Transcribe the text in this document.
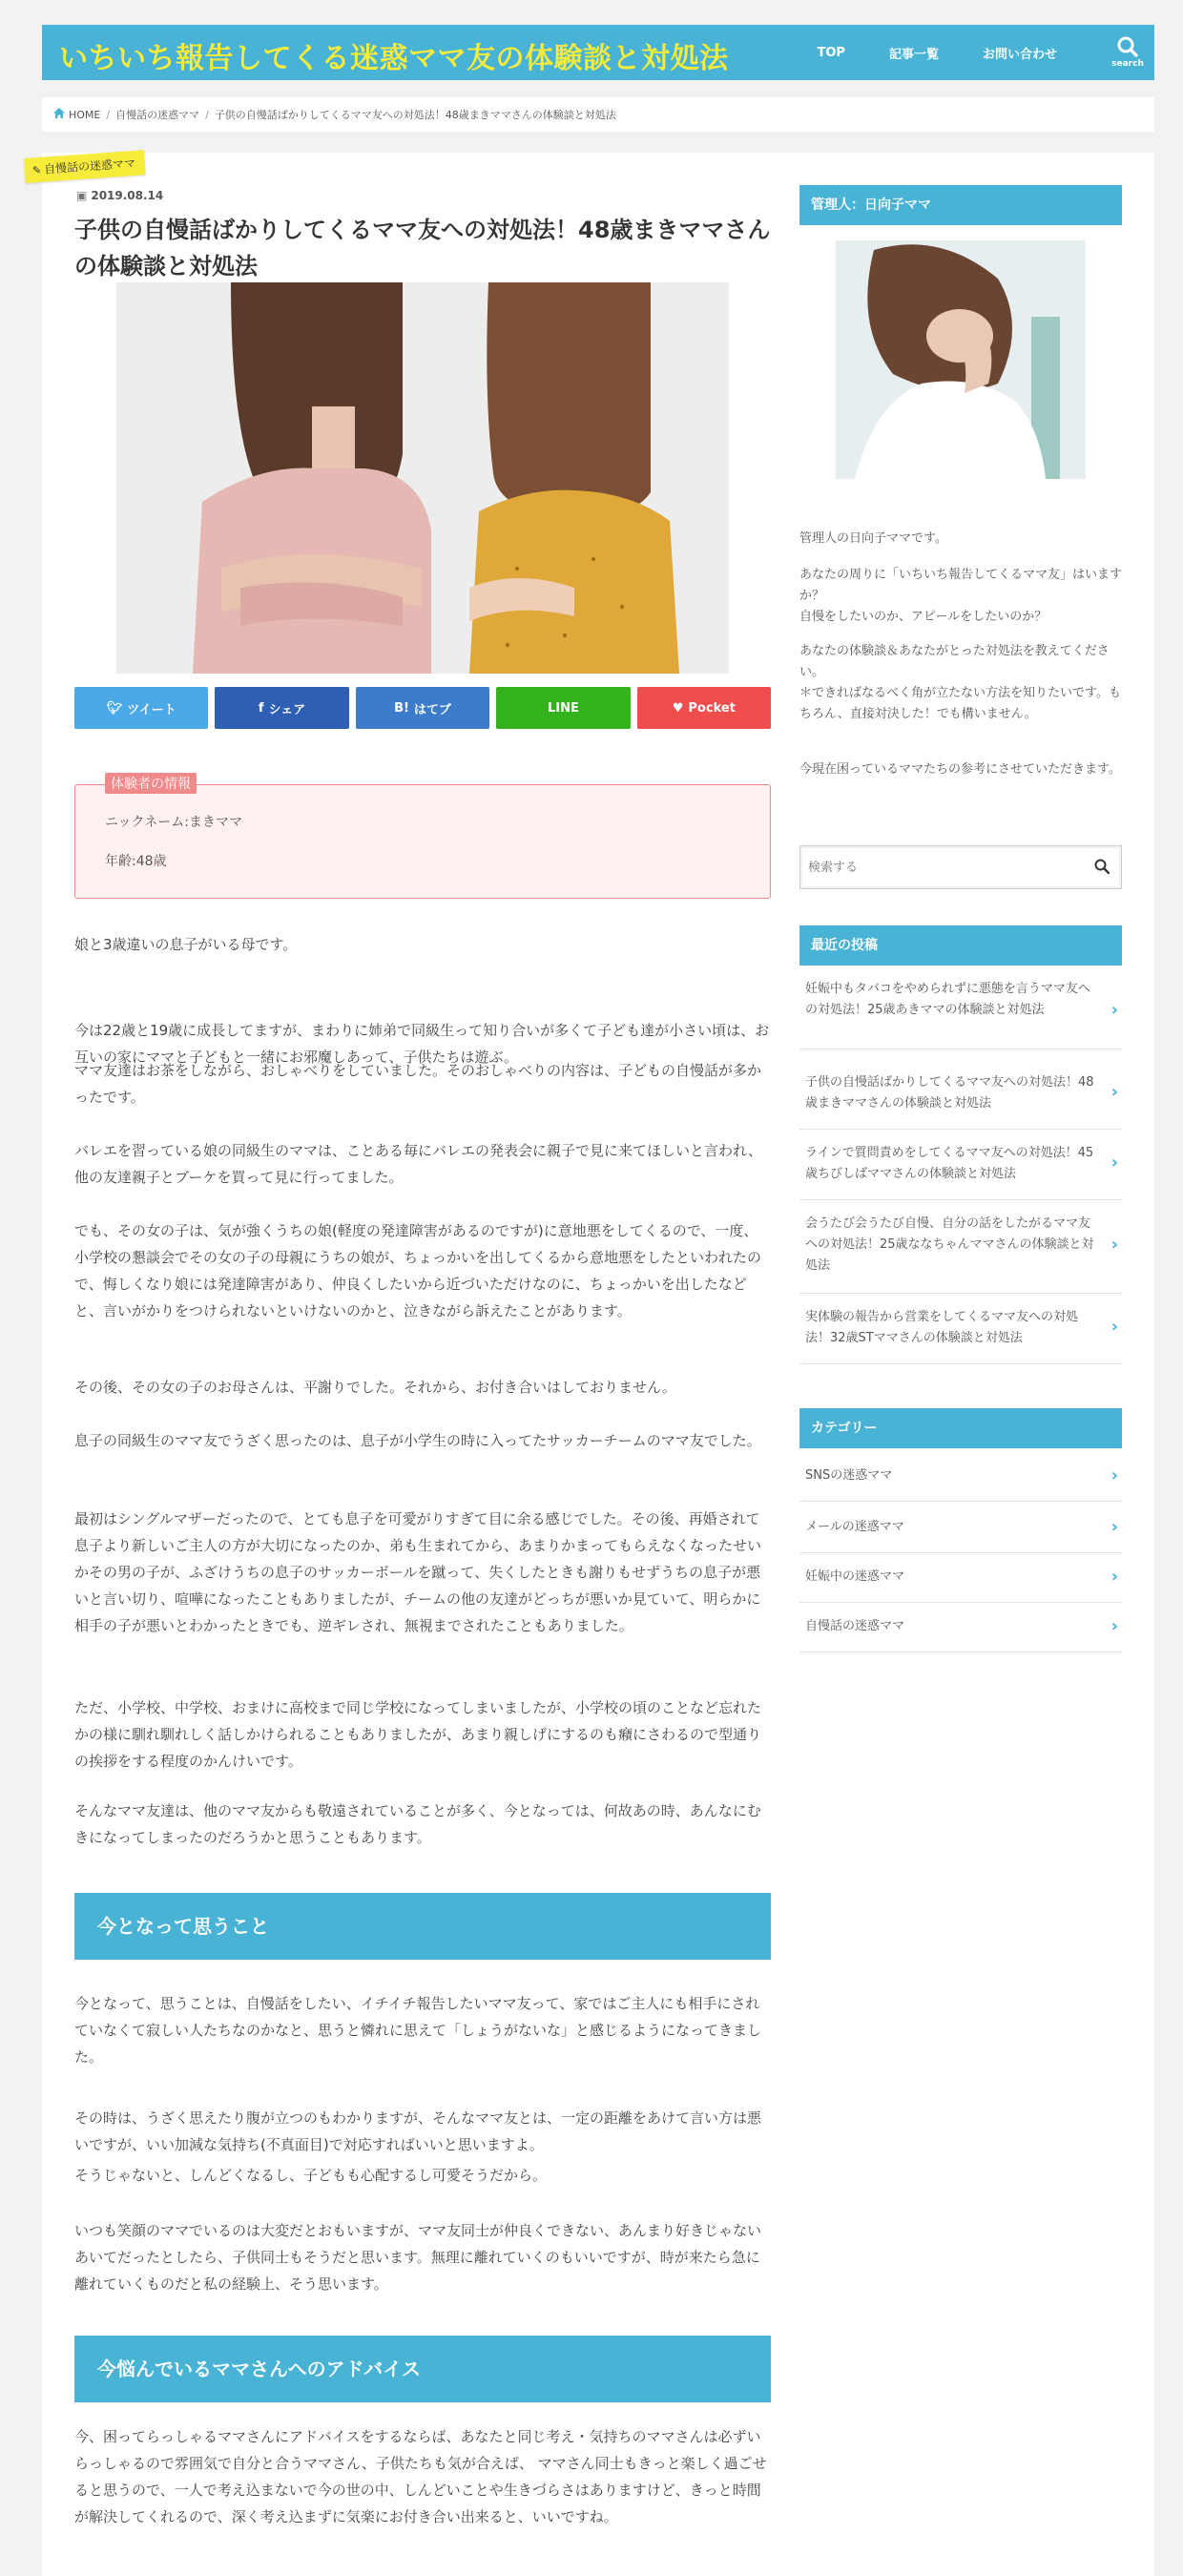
いちいち報告してくる迷惑ママ友の体験談と対処法	TOP	記事一覧	お問い合わせ
search
HOME / 自慢話の迷惑ママ / 子供の自慢話ばかりしてくるママ友への対処法！48歳まきママさんの体験談と対処法
✎ 自慢話の迷惑ママ
▣ 2019.08.14
子供の自慢話ばかりしてくるママ友への対処法！48歳まきママさんの体験談と対処法
🐦︎ ツイート	f シェア	B! はてブ	LINE	♥ Pocket
体験者の情報
ニックネーム:まきママ
年齢:48歳

娘と3歳違いの息子がいる母です。

今は22歳と19歳に成長してますが、まわりに姉弟で同級生って知り合いが多くて子ども達が小さい頃は、お互いの家にママと子どもと一緒にお邪魔しあって、子供たちは遊ぶ。

ママ友達はお茶をしながら、おしゃべりをしていました。そのおしゃべりの内容は、子どもの自慢話が多かったです。

バレエを習っている娘の同級生のママは、ことある毎にバレエの発表会に親子で見に来てほしいと言われ、他の友達親子とブーケを買って見に行ってました。

でも、その女の子は、気が強くうちの娘(軽度の発達障害があるのですが)に意地悪をしてくるので、一度、小学校の懇談会でその女の子の母親にうちの娘が、ちょっかいを出してくるから意地悪をしたといわれたので、悔しくなり娘には発達障害があり、仲良くしたいから近づいただけなのに、ちょっかいを出したなどと、言いがかりをつけられないといけないのかと、泣きながら訴えたことがあります。

その後、その女の子のお母さんは、平謝りでした。それから、お付き合いはしておりません。

息子の同級生のママ友でうざく思ったのは、息子が小学生の時に入ってたサッカーチームのママ友でした。

最初はシングルマザーだったので、とても息子を可愛がりすぎて目に余る感じでした。その後、再婚されて息子より新しいご主人の方が大切になったのか、弟も生まれてから、あまりかまってもらえなくなったせいかその男の子が、ふざけうちの息子のサッカーボールを蹴って、失くしたときも謝りもせずうちの息子が悪いと言い切り、喧嘩になったこともありましたが、チームの他の友達がどっちが悪いか見ていて、明らかに相手の子が悪いとわかったときでも、逆ギレされ、無視までされたこともありました。

ただ、小学校、中学校、おまけに高校まで同じ学校になってしまいましたが、小学校の頃のことなど忘れたかの様に馴れ馴れしく話しかけられることもありましたが、あまり親しげにするのも癪にさわるので型通りの挨拶をする程度のかんけいです。

そんなママ友達は、他のママ友からも敬遠されていることが多く、今となっては、何故あの時、あんなにむきになってしまったのだろうかと思うこともあります。

今となって思うこと

今となって、思うことは、自慢話をしたい、イチイチ報告したいママ友って、家ではご主人にも相手にされていなくて寂しい人たちなのかなと、思うと憐れに思えて「しょうがないな」と感じるようになってきました。

その時は、うざく思えたり腹が立つのもわかりますが、そんなママ友とは、一定の距離をあけて言い方は悪いですが、いい加減な気持ち(不真面目)で対応すればいいと思いますよ。

そうじゃないと、しんどくなるし、子どもも心配するし可愛そうだから。

いつも笑顔のママでいるのは大変だとおもいますが、ママ友同士が仲良くできない、あんまり好きじゃないあいてだったとしたら、子供同士もそうだと思います。無理に離れていくのもいいですが、時が来たら急に離れていくものだと私の経験上、そう思います。

今悩んでいるママさんへのアドバイス

今、困ってらっしゃるママさんにアドバイスをするならば、あなたと同じ考え・気持ちのママさんは必ずいらっしゃるので雰囲気で自分と合うママさん、子供たちも気が合えば、 ママさん同士もきっと楽しく過ごせると思うので、一人で考え込まないで今の世の中、しんどいことや生きづらさはありますけど、きっと時間が解決してくれるので、深く考え込まずに気楽にお付き合い出来ると、いいですね。

管理人：日向子ママ

管理人の日向子ママです。

あなたの周りに「いちいち報告してくるママ友」はいますか？
自慢をしたいのか、アピールをしたいのか？

あなたの体験談＆あなたがとった対処法を教えてください。
＊できればなるべく角が立たない方法を知りたいです。もちろん、直接対決した！でも構いません。

今現在困っているママたちの参考にさせていただきます。

検索する
最近の投稿
妊娠中もタバコをやめられずに悪態を言うママ友への対処法！25歳あきママの体験談と対処法	›
子供の自慢話ばかりしてくるママ友への対処法！48歳まきママさんの体験談と対処法
›
ラインで質問責めをしてくるママ友への対処法！45歳ちびしばママさんの体験談と対処法
›
会うたび会うたび自慢、自分の話をしたがるママ友への対処法！25歳ななちゃんママさんの体験談と対処法
›
実体験の報告から営業をしてくるママ友への対処法！32歳STママさんの体験談と対処法
›
カテゴリー
SNSの迷惑ママ	›
メールの迷惑ママ	›
妊娠中の迷惑ママ	›
自慢話の迷惑ママ	›
